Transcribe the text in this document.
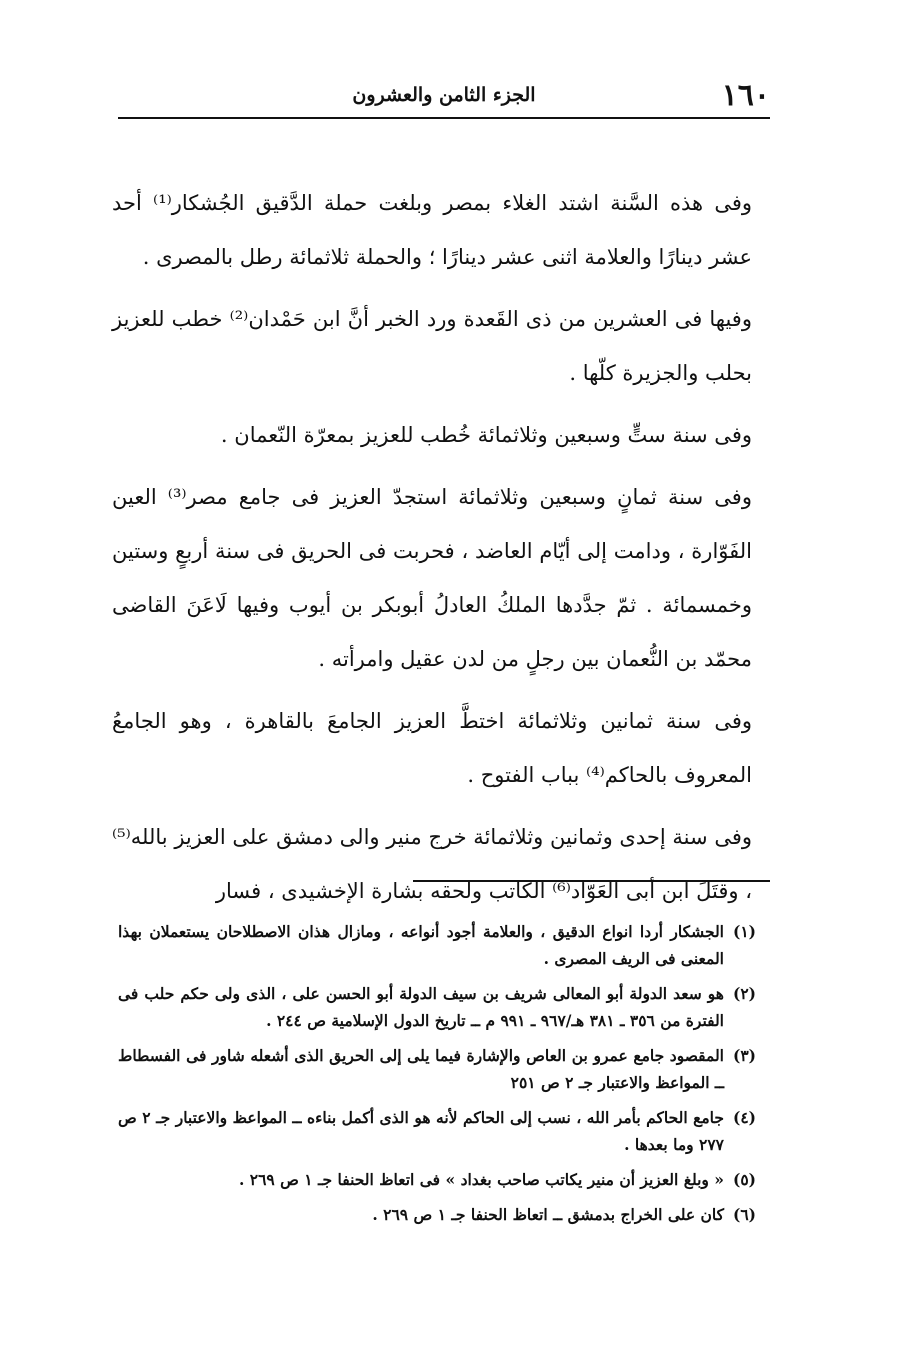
١٦٠
الجزء الثامن والعشرون

وفى هذه السَّنة اشتد الغلاء بمصر وبلغت حملة الدَّقيق الجُشكار⁽¹⁾ أحد عشر دينارًا والعلامة اثنى عشر دينارًا ؛ والحملة ثلاثمائة رطل بالمصرى .

وفيها فى العشرين من ذى القَعدة ورد الخبر أنَّ ابن حَمْدان⁽²⁾ خطب للعزيز بحلب والجزيرة كلّها .

وفى سنة ستٍّ وسبعين وثلاثمائة خُطب للعزيز بمعرّة النّعمان .

وفى سنة ثمانٍ وسبعين وثلاثمائة استجدّ العزيز فى جامع مصر⁽³⁾ العين الفَوّارة ، ودامت إلى أيّام العاضد ، فحربت فى الحريق فى سنة أربعٍ وستين وخمسمائة . ثمّ جدَّدها الملكُ العادلُ أبوبكر بن أيوب وفيها لَاعَنَ القاضى محمّد بن النُّعمان بين رجلٍ من لدن عقيل وامرأته .

وفى سنة ثمانين وثلاثمائة اختطَّ العزيز الجامعَ بالقاهرة ، وهو الجامعُ المعروف بالحاكم⁽⁴⁾ بباب الفتوح .

وفى سنة إحدى وثمانين وثلاثمائة خرج منير والى دمشق على العزيز بالله⁽⁵⁾ ، وقتَلَ ابن أبى العَوّاد⁽⁶⁾ الكاتب ولحقه بشارة الإخشيدى ، فسار

(١)
الجشكار أردا انواع الدقيق ، والعلامة أجود أنواعه ، ومازال هذان الاصطلاحان يستعملان بهذا المعنى فى الريف المصرى .
(٢)
هو سعد الدولة أبو المعالى شريف بن سيف الدولة أبو الحسن على ، الذى ولى حكم حلب فى الفترة من ٣٥٦ ـ ٣٨١ هـ/٩٦٧ ـ ٩٩١ م ــ تاريخ الدول الإسلامية ص ٢٤٤ .
(٣)
المقصود جامع عمرو بن العاص والإشارة فيما يلى إلى الحريق الذى أشعله شاور فى الفسطاط ــ المواعظ والاعتبار جـ ٢ ص ٢٥١
(٤)
جامع الحاكم بأمر الله ، نسب إلى الحاكم لأنه هو الذى أكمل بناءه ــ المواعظ والاعتبار جـ ٢ ص ٢٧٧ وما بعدها .
(٥)
« وبلغ العزيز أن منير يكاتب صاحب بغداد » فى اتعاظ الحنفا جـ ١ ص ٢٦٩ .
(٦)
كان على الخراج بدمشق ــ اتعاظ الحنفا جـ ١ ص ٢٦٩ .
